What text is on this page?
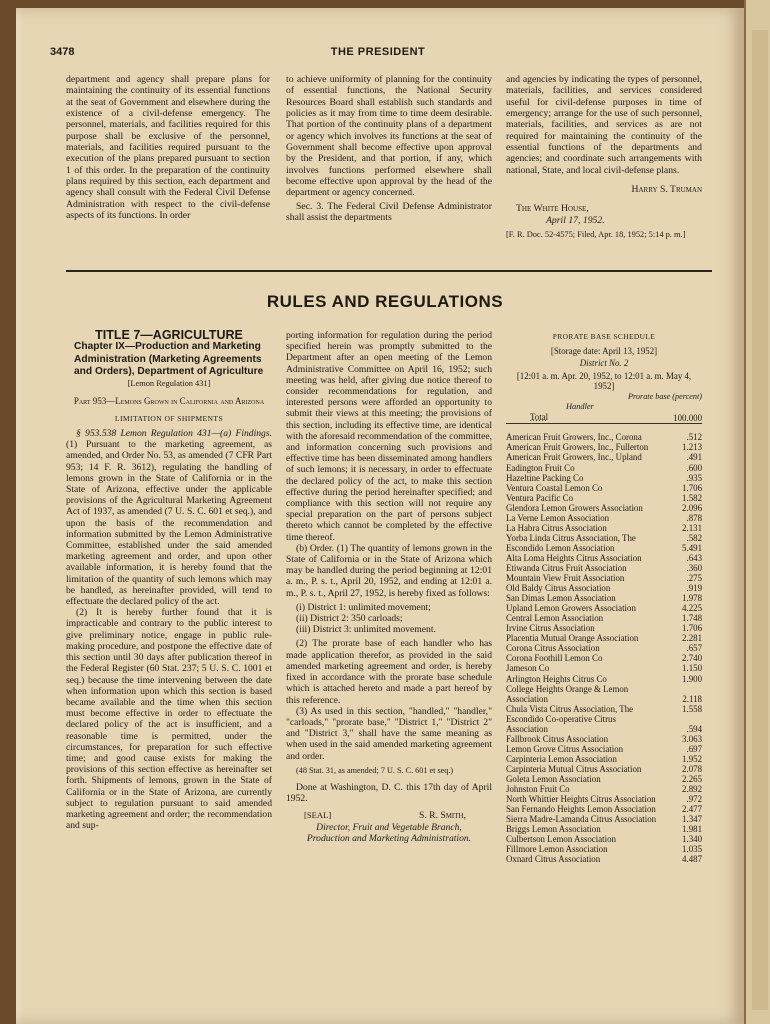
3478	THE PRESIDENT

department and agency shall prepare plans for maintaining the continuity of its essential functions at the seat of Government and elsewhere during the existence of a civil-defense emergency. The personnel, materials, and facilities required for this purpose shall be exclusive of the personnel, materials, and facilities required pursuant to the execution of the plans prepared pursuant to section 1 of this order. In the preparation of the continuity plans required by this section, each department and agency shall consult with the Federal Civil Defense Administration with respect to the civil-defense aspects of its functions. In order

to achieve uniformity of planning for the continuity of essential functions, the National Security Resources Board shall establish such standards and policies as it may from time to time deem desirable. That portion of the continuity plans of a department or agency which involves its functions at the seat of Government shall become effective upon approval by the President, and that portion, if any, which involves functions performed elsewhere shall become effective upon approval by the head of the department or agency concerned.

Sec. 3. The Federal Civil Defense Administrator shall assist the departments

and agencies by indicating the types of personnel, materials, facilities, and services considered useful for civil-defense purposes in time of emergency; arrange for the use of such personnel, materials, facilities, and services as are not required for maintaining the continuity of the essential functions of the departments and agencies; and coordinate such arrangements with national, State, and local civil-defense plans.

Harry S. Truman

The White House,

April 17, 1952.

[F. R. Doc. 52-4575; Filed, Apr. 18, 1952; 5:14 p. m.]

RULES AND REGULATIONS

TITLE 7—AGRICULTURE

Chapter IX—Production and Marketing Administration (Marketing Agreements and Orders), Department of Agriculture

[Lemon Regulation 431]

Part 953—Lemons Grown in California and Arizona

LIMITATION OF SHIPMENTS

§ 953.538 Lemon Regulation 431—(a) Findings. (1) Pursuant to the marketing agreement, as amended, and Order No. 53, as amended (7 CFR Part 953; 14 F. R. 3612), regulating the handling of lemons grown in the State of California or in the State of Arizona, effective under the applicable provisions of the Agricultural Marketing Agreement Act of 1937, as amended (7 U. S. C. 601 et seq.), and upon the basis of the recommendation and information submitted by the Lemon Administrative Committee, established under the said amended marketing agreement and order, and upon other available information, it is hereby found that the limitation of the quantity of such lemons which may be handled, as hereinafter provided, will tend to effectuate the declared policy of the act.

(2) It is hereby further found that it is impracticable and contrary to the public interest to give preliminary notice, engage in public rule-making procedure, and postpone the effective date of this section until 30 days after publication thereof in the Federal Register (60 Stat. 237; 5 U. S. C. 1001 et seq.) because the time intervening between the date when information upon which this section is based became available and the time when this section must become effective in order to effectuate the declared policy of the act is insufficient, and a reasonable time is permitted, under the circumstances, for preparation for such effective time; and good cause exists for making the provisions of this section effective as hereinafter set forth. Shipments of lemons, grown in the State of California or in the State of Arizona, are currently subject to regulation pursuant to said amended marketing agreement and order; the recommendation and sup-

porting information for regulation during the period specified herein was promptly submitted to the Department after an open meeting of the Lemon Administrative Committee on April 16, 1952; such meeting was held, after giving due notice thereof to consider recommendations for regulation, and interested persons were afforded an opportunity to submit their views at this meeting; the provisions of this section, including its effective time, are identical with the aforesaid recommendation of the committee, and information concerning such provisions and effective time has been disseminated among handlers of such lemons; it is necessary, in order to effectuate the declared policy of the act, to make this section effective during the period hereinafter specified; and compliance with this section will not require any special preparation on the part of persons subject thereto which cannot be completed by the effective time thereof.

(b) Order. (1) The quantity of lemons grown in the State of California or in the State of Arizona which may be handled during the period beginning at 12:01 a. m., P. s. t., April 20, 1952, and ending at 12:01 a. m., P. s. t., April 27, 1952, is hereby fixed as follows:

(i) District 1: unlimited movement;

(ii) District 2: 350 carloads;

(iii) District 3: unlimited movement.

(2) The prorate base of each handler who has made application therefor, as provided in the said amended marketing agreement and order, is hereby fixed in accordance with the prorate base schedule which is attached hereto and made a part hereof by this reference.

(3) As used in this section, "handled," "handler," "carloads," "prorate base," "District 1," "District 2" and "District 3," shall have the same meaning as when used in the said amended marketing agreement and order.

(48 Stat. 31, as amended; 7 U. S. C. 601 et seq.)

Done at Washington, D. C. this 17th day of April 1952.

[SEAL]	S. R. Smith,

Director, Fruit and Vegetable Branch, Production and Marketing Administration.

PRORATE BASE SCHEDULE

[Storage date: April 13, 1952]

District No. 2

[12:01 a. m. Apr. 20, 1952, to 12:01 a. m. May 4, 1952]

Prorate base (percent)

Handler

Total	100.000
American Fruit Growers, Inc., Corona	.512
American Fruit Growers, Inc., Fullerton	1.213
American Fruit Growers, Inc., Upland	.491
Eadington Fruit Co	.600
Hazeltine Packing Co	.935
Ventura Coastal Lemon Co	1.706
Ventura Pacific Co	1.582
Glendora Lemon Growers Association	2.096
La Verne Lemon Association	.878
La Habra Citrus Association	2.131
Yorba Linda Citrus Association, The	.582
Escondido Lemon Association	5.491
Alta Loma Heights Citrus Association	.643
Etiwanda Citrus Fruit Association	.360
Mountain View Fruit Association	.275
Old Baldy Citrus Association	.919
San Dimas Lemon Association	1.978
Upland Lemon Growers Association	4.225
Central Lemon Association	1.748
Irvine Citrus Association	1.706
Placentia Mutual Orange Association	2.281
Corona Citrus Association	.657
Corona Foothill Lemon Co	2.740
Jameson Co	1.150
Arlington Heights Citrus Co	1.900
College Heights Orange & Lemon Association	2.118
Chula Vista Citrus Association, The	1.558
Escondido Co-operative Citrus Association	.594
Fallbrook Citrus Association	3.063
Lemon Grove Citrus Association	.697
Carpinteria Lemon Association	1.952
Carpinteria Mutual Citrus Association	2.078
Goleta Lemon Association	2.265
Johnston Fruit Co	2.892
North Whittier Heights Citrus Association	.972
San Fernando Heights Lemon Association	2.477
Sierra Madre-Lamanda Citrus Association	1.347
Briggs Lemon Association	1.981
Culbertson Lemon Association	1.340
Fillmore Lemon Association	1.035
Oxnard Citrus Association	4.487
